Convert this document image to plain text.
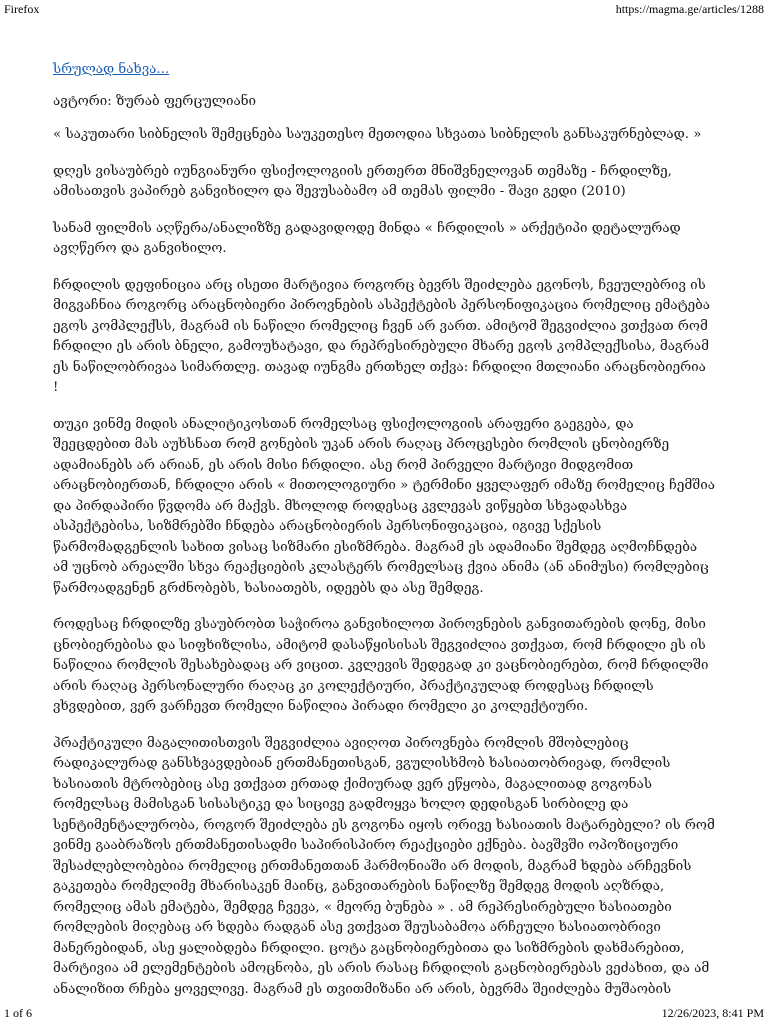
Firefox	https://magma.ge/articles/1288
სრულად ნახვა...

ავტორი: ზურაბ ფერცულიანი

« საკუთარი სიბნელის შემეცნება საუკეთესო მეთოდია სხვათა სიბნელის განსაკურნებლად. »

დღეს ვისაუბრებ იუნგიანური ფსიქოლოგიის ერთერთ მნიშვნელოვან თემაზე - ჩრდილზე, ამისათვის ვაპირებ განვიხილო და შევუსაბამო ამ თემას ფილმი - შავი გედი (2010)

სანამ ფილმის აღწერა/ანალიზზე გადავიდოდე მინდა « ჩრდილის » არქეტიპი დეტალურად ავღწერო და განვიხილო.

ჩრდილის დეფინიცია არც ისეთი მარტივია როგორც ბევრს შეიძლება ეგონოს, ჩვეულებრივ ის მიგვაჩნია როგორც არაცნობიერი პიროვნების ასპექტების პერსონიფიკაცია რომელიც ემატება ეგოს კომპლექსს, მაგრამ ის ნაწილი რომელიც ჩვენ არ ვართ. ამიტომ შეგვიძლია ვთქვათ რომ ჩრდილი ეს არის ბნელი, გამოუხატავი, და რეპრესირებული მხარე ეგოს კომპლექსისა, მაგრამ ეს ნაწილობრივაა სიმართლე. თავად იუნგმა ერთხელ თქვა: ჩრდილი მთლიანი არაცნობიერია !

თუკი ვინმე მიდის ანალიტიკოსთან რომელსაც ფსიქოლოგიის არაფერი გაეგება, და შეეცდებით მას აუხსნათ რომ გონების უკან არის რაღაც პროცესები რომლის ცნობიერზე ადამიანებს არ არიან, ეს არის მისი ჩრდილი. ასე რომ პირველი მარტივი მიდგომით არაცნობიერთან, ჩრდილი არის « მითოლოგიური » ტერმინი ყველაფერ იმაზე რომელიც ჩემშია და პირდაპირი წვდომა არ მაქვს. მხოლოდ როდესაც კვლევას ვიწყებთ სხვადასხვა ასპექტებისა, სიზმრებში ჩნდება არაცნობიერის პერსონიფიკაცია, იგივე სქესის წარმომადგენლის სახით ვისაც სიზმარი ესიზმრება. მაგრამ ეს ადამიანი შემდეგ აღმოჩნდება ამ უცნობ არეალში სხვა რეაქციების კლასტერს რომელსაც ქვია ანიმა (ან ანიმუსი) რომლებიც წარმოადგენენ გრძნობებს, ხასიათებს, იდეებს და ასე შემდეგ.

როდესაც ჩრდილზე ვსაუბრობთ საჭიროა განვიხილოთ პიროვნების განვითარების დონე, მისი ცნობიერებისა და სიფხიზლისა, ამიტომ დასაწყისისას შეგვიძლია ვთქვათ, რომ ჩრდილი ეს ის ნაწილია რომლის შესახებადაც არ ვიცით. კვლევის შედეგად კი ვაცნობიერებთ, რომ ჩრდილში არის რაღაც პერსონალური რაღაც კი კოლექტიური, პრაქტიკულად როდესაც ჩრდილს ვხვდებით, ვერ ვარჩევთ რომელი ნაწილია პირადი რომელი კი კოლექტიური.

პრაქტიკული მაგალითისთვის შეგვიძლია ავიღოთ პიროვნება რომლის მშობლებიც რადიკალურად განსხვავდებიან ერთმანეთისგან, ვგულისხმობ ხასიათობრივად, რომლის ხასიათის მტრობებიც ასე ვთქვათ ერთად ქიმიურად ვერ ეწყობა, მაგალითად გოგონას რომელსაც მამისგან სისასტიკე და სიცივე გადმოყვა ხოლო დედისგან სირბილე და სენტიმენტალურობა, როგორ შეიძლება ეს გოგონა იყოს ორივე ხასიათის მატარებელი? ის რომ ვინმე გააბრაზოს ერთმანეთისადმი საპირისპირო რეაქციები ექნება. ბავშვში ოპოზიციური შესაძლებლობებია რომელიც ერთმანეთთან ჰარმონიაში არ მოდის, მაგრამ ხდება არჩევნის გაკეთება რომელიმე მხარისაკენ მაინც, განვითარების ნაწილზე შემდეგ მოდის აღზრდა, რომელიც ამას ემატება, შემდეგ ჩვევა, « მეორე ბუნება » . ამ რეპრესირებული ხასიათები რომლების მიღებაც არ ხდება რადგან ასე ვთქვათ შეუსაბამოა არჩეული ხასიათობრივი მანერებიდან, ასე ყალიბდება ჩრდილი. ცოტა გაცნობიერებითა და სიზმრების დახმარებით, მარტივია ამ ელემენტების ამოცნობა, ეს არის რასაც ჩრდილის გაცნობიერებას ვეძახით, და ამ ანალიზით რჩება ყოველივე. მაგრამ ეს თვითმიზანი არ არის, ბევრმა შეიძლება მუშაობის

1 of 6	12/26/2023, 8:41 PM
